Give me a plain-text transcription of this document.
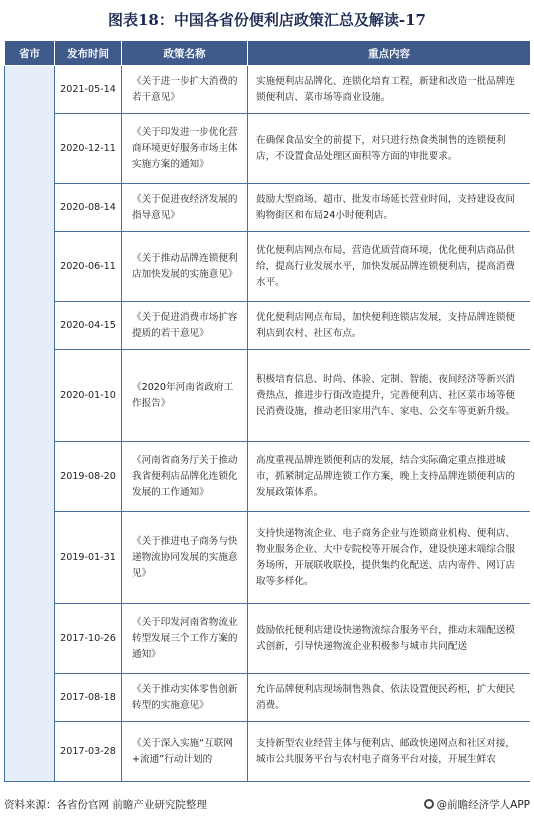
图表18：中国各省份便利店政策汇总及解读-17
省市	发布时间	政策名称	重点内容
	2021-05-14	《关于进一步扩大消费的若干意见》	实施便利店品牌化、连锁化培育工程，新建和改造一批品牌连锁便利店、菜市场等商业设施。
	2020-12-11	《关于印发进一步优化营商环境更好服务市场主体实施方案的通知》	在确保食品安全的前提下，对只进行热食类制售的连锁便利店，不设置食品处理区面积等方面的审批要求。
	2020-08-14	《关于促进夜经济发展的指导意见》	鼓励大型商场、超市、批发市场延长营业时间，支持建设夜间购物街区和布局24小时便利店。
	2020-06-11	《关于推动品牌连锁便利店加快发展的实施意见》	优化便利店网点布局，营造优质营商环境，优化便利店商品供给，提高行业发展水平，加快发展品牌连锁便利店，提高消费水平。
	2020-04-15	《关于促进消费市场扩容提质的若干意见》	优化便利店网点布局，加快便利连锁店发展，支持品牌连锁便利店到农村、社区布点。
	2020-01-10	《2020年河南省政府工作报告》	积极培育信息、时尚、体验、定制、智能、夜间经济等新兴消费热点，推进步行街改造提升，完善便利店、社区菜市场等便民消费设施，推动老旧家用汽车、家电、公交车等更新升级。
	2019-08-20	《河南省商务厅关于推动我省便利店品牌化连锁化发展的工作通知》	高度重视品牌连锁便利店的发展，结合实际确定重点推进城市，抓紧制定品牌连锁工作方案，晚上支持品牌连锁便利店的发展政策体系。
	2019-01-31	《关于推进电子商务与快递物流协同发展的实施意见》	支持快递物流企业、电子商务企业与连锁商业机构、便利店、物业服务企业、大中专院校等开展合作，建设快递末端综合服务场所，开展联收联投，提供集约化配送、店内寄件、网订店取等多样化。
	2017-10-26	《关于印发河南省物流业转型发展三个工作方案的通知》	鼓励依托便利店建设快递物流综合服务平台，推动末端配送模式创新，引导快递物流企业积极参与城市共同配送
	2017-08-18	《关于推动实体零售创新转型的实施意见》	允许品牌便利店现场制售熟食、依法设置便民药柜，扩大便民消费。
	2017-03-28	《关于深入实施“互联网+流通”行动计划的	支持新型农业经营主体与便利店、邮政快递网点和社区对接，城市公共服务平台与农村电子商务平台对接，开展生鲜农
资料来源：各省份官网 前瞻产业研究院整理	@前瞻经济学人APP
